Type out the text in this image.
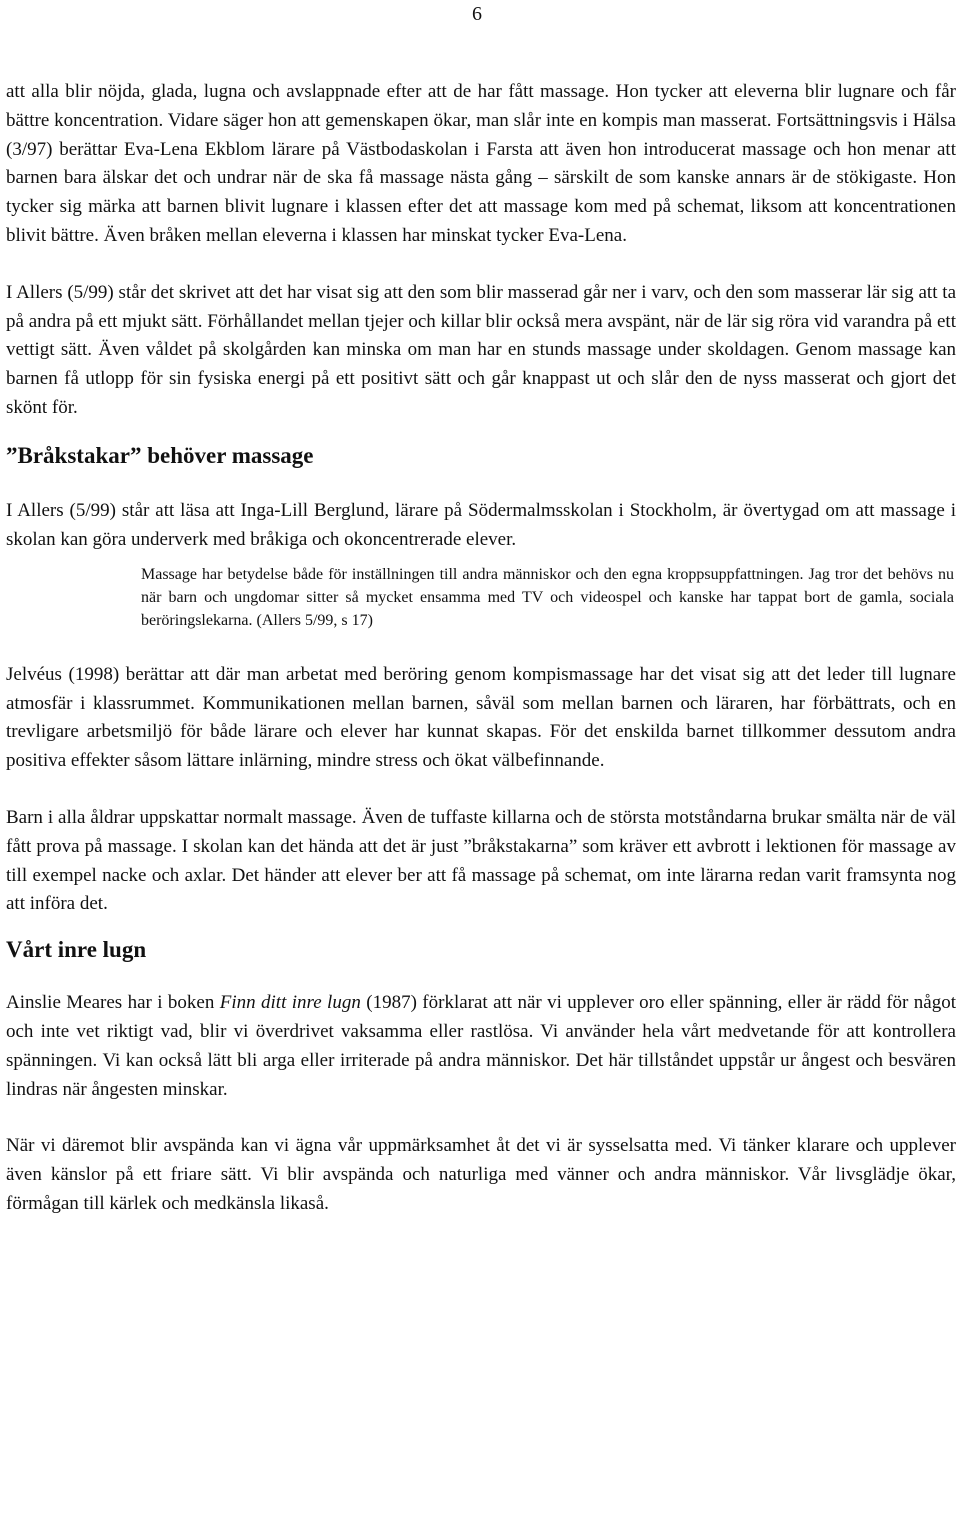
6

att alla blir nöjda, glada, lugna och avslappnade efter att de har fått massage. Hon tycker att eleverna blir lugnare och får bättre koncentration. Vidare säger hon att gemenskapen ökar, man slår inte en kompis man masserat. Fortsättningsvis i Hälsa (3/97) berättar Eva-Lena Ekblom lärare på Västbodaskolan i Farsta att även hon introducerat massage och hon menar att barnen bara älskar det och undrar när de ska få massage nästa gång – särskilt de som kanske annars är de stökigaste. Hon tycker sig märka att barnen blivit lugnare i klassen efter det att massage kom med på schemat, liksom att koncentrationen blivit bättre. Även bråken mellan eleverna i klassen har minskat tycker Eva-Lena.

I Allers (5/99) står det skrivet att det har visat sig att den som blir masserad går ner i varv, och den som masserar lär sig att ta på andra på ett mjukt sätt. Förhållandet mellan tjejer och killar blir också mera avspänt, när de lär sig röra vid varandra på ett vettigt sätt. Även våldet på skolgården kan minska om man har en stunds massage under skoldagen. Genom massage kan barnen få utlopp för sin fysiska energi på ett positivt sätt och går knappast ut och slår den de nyss masserat och gjort det skönt för.

”Bråkstakar” behöver massage

I Allers (5/99) står att läsa att Inga-Lill Berglund, lärare på Södermalmsskolan i Stockholm, är övertygad om att massage i skolan kan göra underverk med bråkiga och okoncentrerade elever.

Massage har betydelse både för inställningen till andra människor och den egna kroppsuppfattningen. Jag tror det behövs nu när barn och ungdomar sitter så mycket ensamma med TV och videospel och kanske har tappat bort de gamla, sociala beröringslekarna. (Allers 5/99, s 17)

Jelvéus (1998) berättar att där man arbetat med beröring genom kompismassage har det visat sig att det leder till lugnare atmosfär i klassrummet. Kommunikationen mellan barnen, såväl som mellan barnen och läraren, har förbättrats, och en trevligare arbetsmiljö för både lärare och elever har kunnat skapas. För det enskilda barnet tillkommer dessutom andra positiva effekter såsom lättare inlärning, mindre stress och ökat välbefinnande.

Barn i alla åldrar uppskattar normalt massage. Även de tuffaste killarna och de största motståndarna brukar smälta när de väl fått prova på massage. I skolan kan det hända att det är just ”bråkstakarna” som kräver ett avbrott i lektionen för massage av till exempel nacke och axlar. Det händer att elever ber att få massage på schemat, om inte lärarna redan varit framsynta nog att införa det.

Vårt inre lugn

Ainslie Meares har i boken Finn ditt inre lugn (1987) förklarat att när vi upplever oro eller spänning, eller är rädd för något och inte vet riktigt vad, blir vi överdrivet vaksamma eller rastlösa. Vi använder hela vårt medvetande för att kontrollera spänningen. Vi kan också lätt bli arga eller irriterade på andra människor. Det här tillståndet uppstår ur ångest och besvären lindras när ångesten minskar.

När vi däremot blir avspända kan vi ägna vår uppmärksamhet åt det vi är sysselsatta med. Vi tänker klarare och upplever även känslor på ett friare sätt. Vi blir avspända och naturliga med vänner och andra människor. Vår livsglädje ökar, förmågan till kärlek och medkänsla likaså.
